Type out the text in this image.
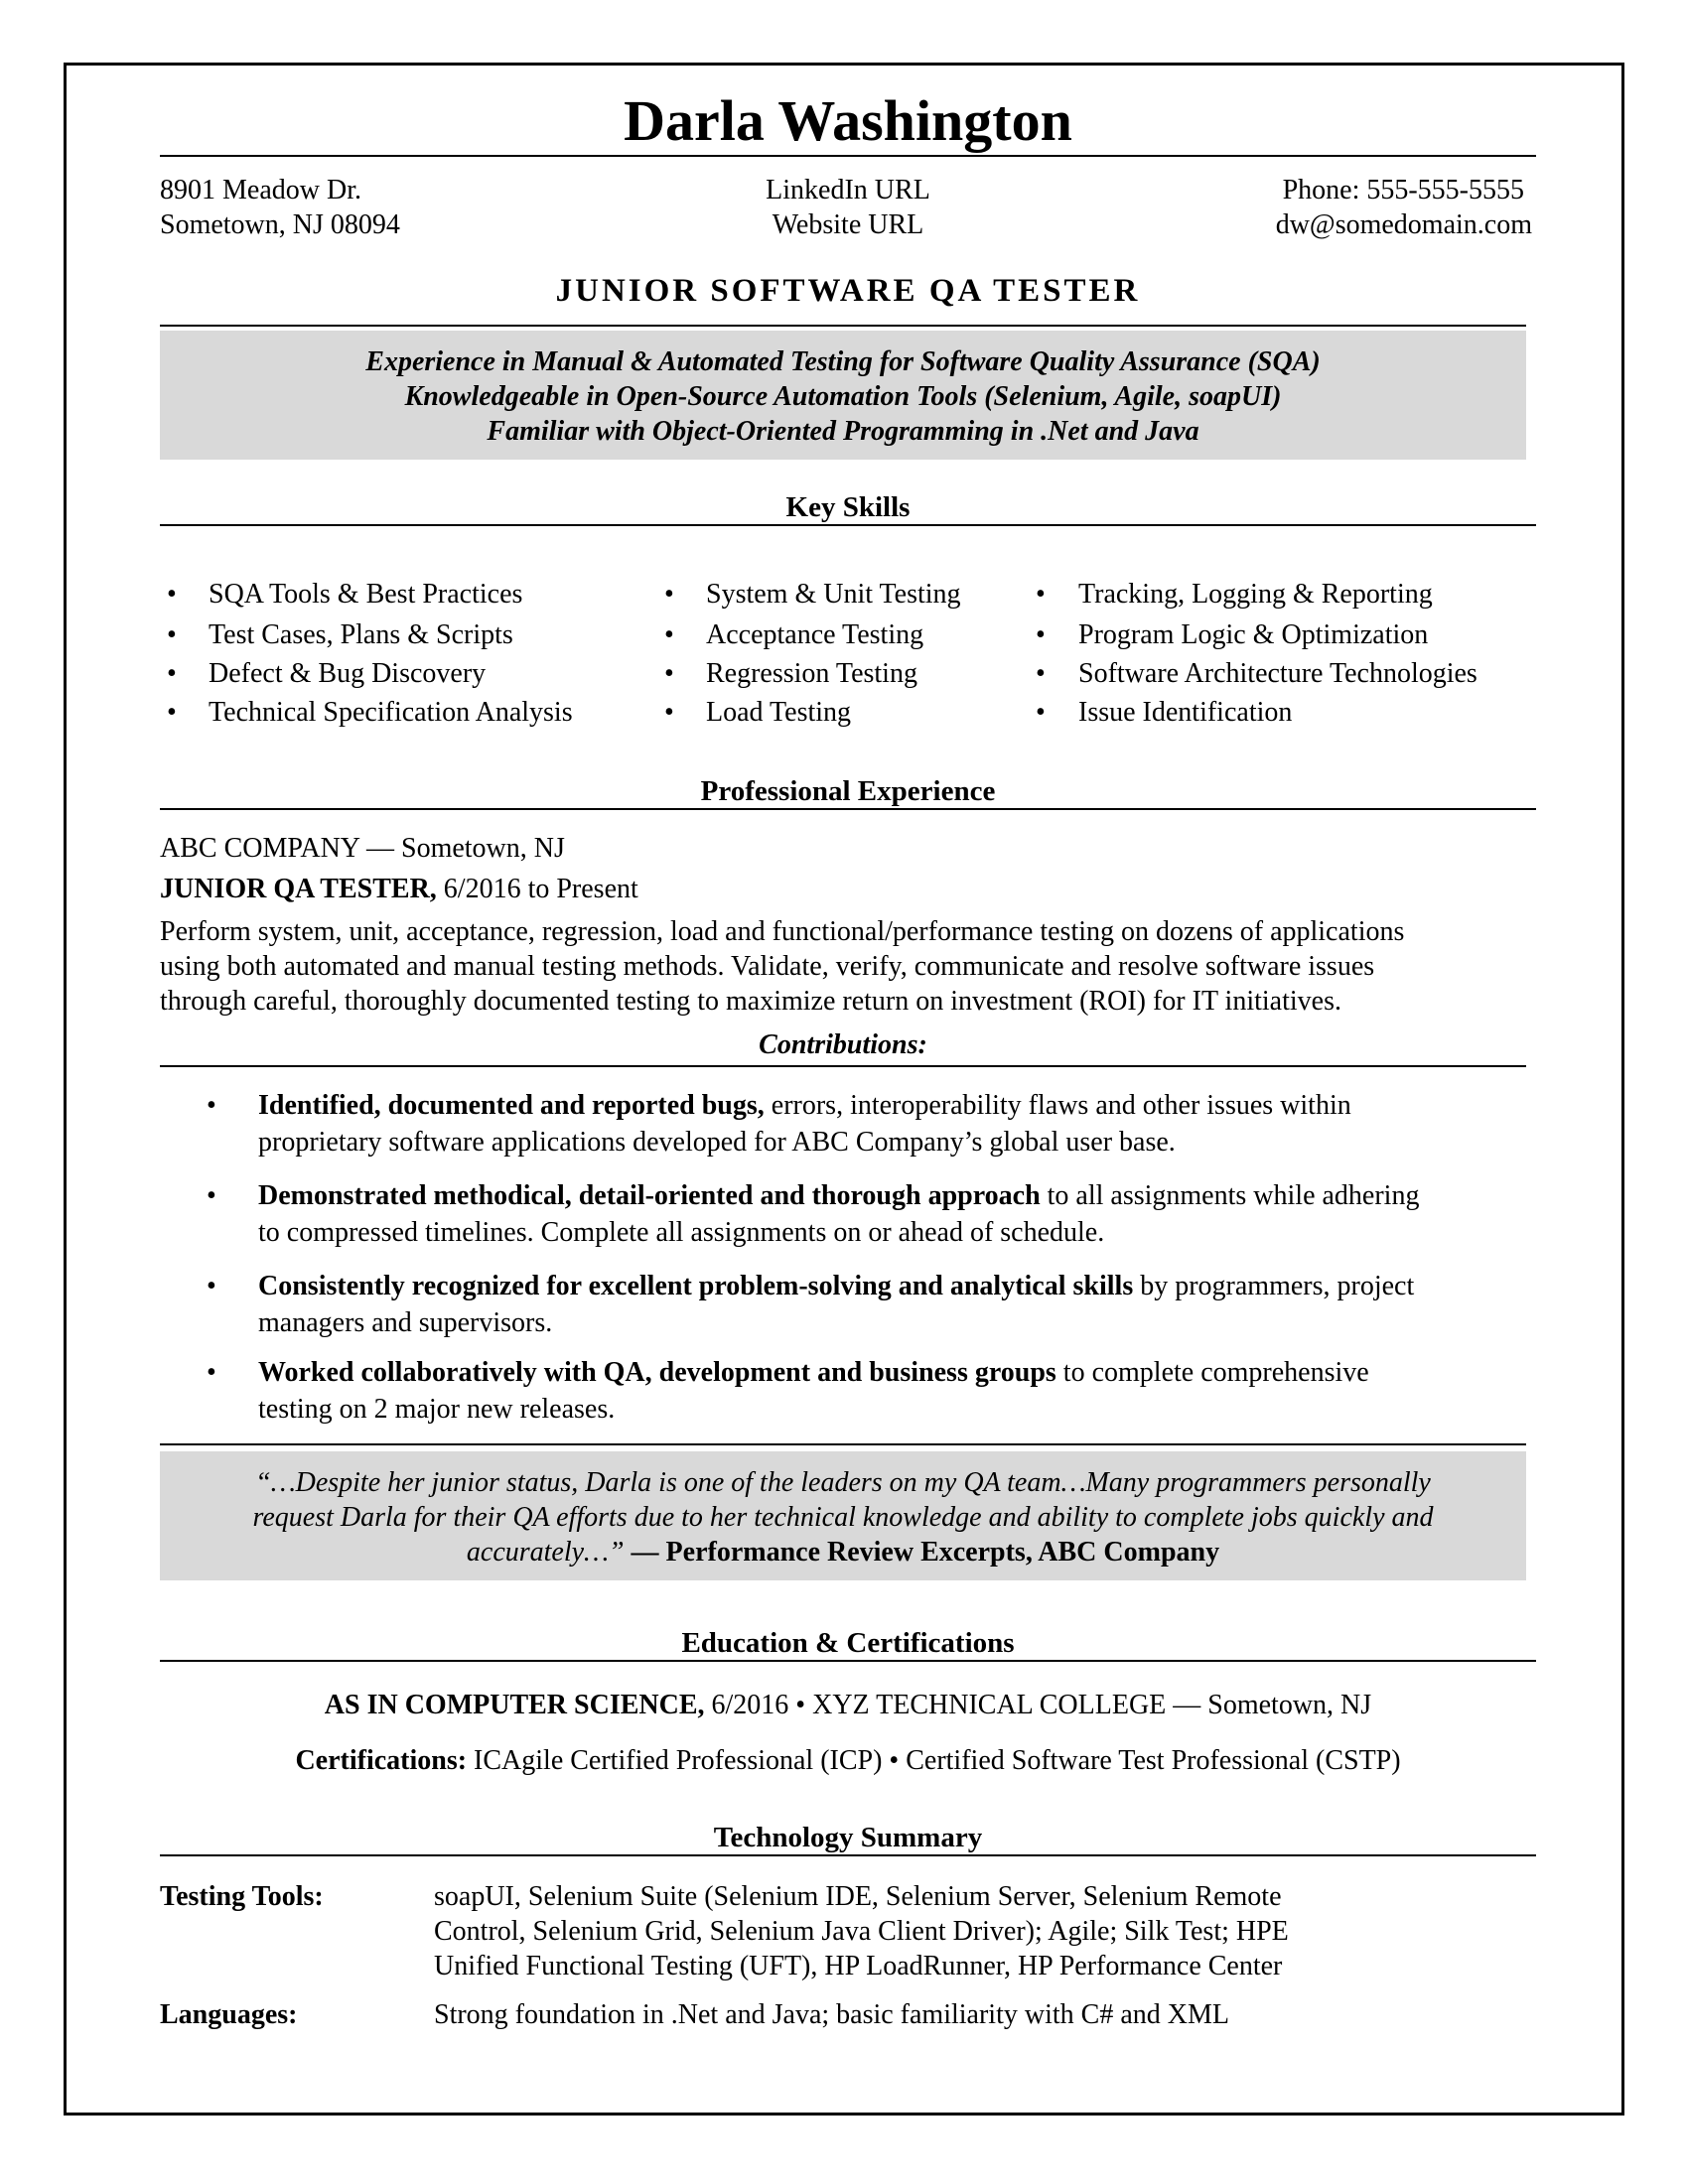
Darla Washington
8901 Meadow Dr.
Sometown, NJ 08094
LinkedIn URL
Website URL
Phone: 555-555-5555
dw@somedomain.com
JUNIOR SOFTWARE QA TESTER
Experience in Manual & Automated Testing for Software Quality Assurance (SQA)
Knowledgeable in Open-Source Automation Tools (Selenium, Agile, soapUI)
Familiar with Object-Oriented Programming in .Net and Java
Key Skills
• SQA Tools & Best Practices
• Test Cases, Plans & Scripts
• Defect & Bug Discovery
• Technical Specification Analysis
• System & Unit Testing
• Acceptance Testing
• Regression Testing
• Load Testing
• Tracking, Logging & Reporting
• Program Logic & Optimization
• Software Architecture Technologies
• Issue Identification
Professional Experience
ABC COMPANY — Sometown, NJ
JUNIOR QA TESTER, 6/2016 to Present
Perform system, unit, acceptance, regression, load and functional/performance testing on dozens of applications
using both automated and manual testing methods. Validate, verify, communicate and resolve software issues
through careful, thoroughly documented testing to maximize return on investment (ROI) for IT initiatives.
Contributions:
• Identified, documented and reported bugs, errors, interoperability flaws and other issues within
proprietary software applications developed for ABC Company’s global user base.
• Demonstrated methodical, detail-oriented and thorough approach to all assignments while adhering
to compressed timelines. Complete all assignments on or ahead of schedule.
• Consistently recognized for excellent problem-solving and analytical skills by programmers, project
managers and supervisors.
• Worked collaboratively with QA, development and business groups to complete comprehensive
testing on 2 major new releases.
“…Despite her junior status, Darla is one of the leaders on my QA team…Many programmers personally
request Darla for their QA efforts due to her technical knowledge and ability to complete jobs quickly and
accurately…” — Performance Review Excerpts, ABC Company
Education & Certifications
AS IN COMPUTER SCIENCE, 6/2016 • XYZ TECHNICAL COLLEGE — Sometown, NJ
Certifications: ICAgile Certified Professional (ICP) • Certified Software Test Professional (CSTP)
Technology Summary
Testing Tools:	soapUI, Selenium Suite (Selenium IDE, Selenium Server, Selenium Remote
Control, Selenium Grid, Selenium Java Client Driver); Agile; Silk Test; HPE
Unified Functional Testing (UFT), HP LoadRunner, HP Performance Center
Languages:	Strong foundation in .Net and Java; basic familiarity with C# and XML
